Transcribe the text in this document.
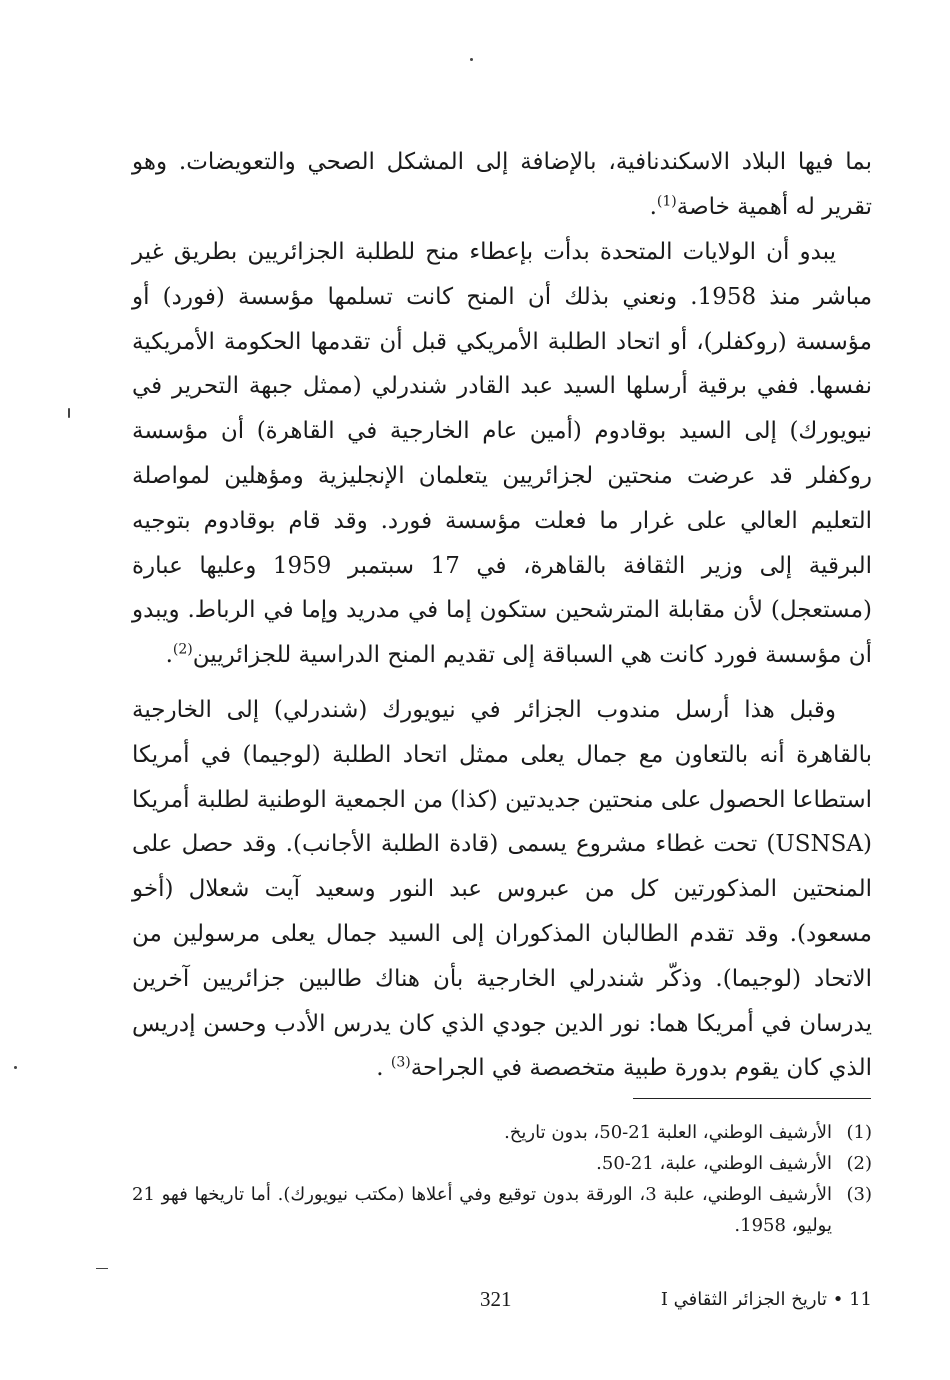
بما فيها البلاد الاسكندنافية، بالإضافة إلى المشكل الصحي والتعويضات. وهو تقرير له أهمية خاصة$^{(1)}$.

يبدو أن الولايات المتحدة بدأت بإعطاء منح للطلبة الجزائريين بطريق غير مباشر منذ 1958. ونعني بذلك أن المنح كانت تسلمها مؤسسة (فورد) أو مؤسسة (روكفلر)، أو اتحاد الطلبة الأمريكي قبل أن تقدمها الحكومة الأمريكية نفسها. ففي برقية أرسلها السيد عبد القادر شندرلي (ممثل جبهة التحرير في نيويورك) إلى السيد بوقادوم (أمين عام الخارجية في القاهرة) أن مؤسسة روكفلر قد عرضت منحتين لجزائريين يتعلمان الإنجليزية ومؤهلين لمواصلة التعليم العالي على غرار ما فعلت مؤسسة فورد. وقد قام بوقادوم بتوجيه البرقية إلى وزير الثقافة بالقاهرة، في 17 سبتمبر 1959 وعليها عبارة (مستعجل) لأن مقابلة المترشحين ستكون إما في مدريد وإما في الرباط. ويبدو أن مؤسسة فورد كانت هي السباقة إلى تقديم المنح الدراسية للجزائريين$^{(2)}$.

وقبل هذا أرسل مندوب الجزائر في نيويورك (شندرلي) إلى الخارجية بالقاهرة أنه بالتعاون مع جمال يعلى ممثل اتحاد الطلبة (لوجيما) في أمريكا استطاعا الحصول على منحتين جديدتين (كذا) من الجمعية الوطنية لطلبة أمريكا (USNSA) تحت غطاء مشروع يسمى (قادة الطلبة الأجانب). وقد حصل على المنحتين المذكورتين كل من عبروس عبد النور وسعيد آيت شعلال (أخو مسعود). وقد تقدم الطالبان المذكوران إلى السيد جمال يعلى مرسولين من الاتحاد (لوجيما). وذكّر شندرلي الخارجية بأن هناك طالبين جزائريين آخرين يدرسان في أمريكا هما: نور الدين جودي الذي كان يدرس الأدب وحسن إدريس الذي كان يقوم بدورة طبية متخصصة في الجراحة$^{(3)}$ .

(1)
الأرشيف الوطني، العلبة 21-50، بدون تاريخ.
(2)
الأرشيف الوطني، علبة، 21-50.
(3)
الأرشيف الوطني، علبة 3، الورقة بدون توقيع وفي أعلاها (مكتب نيويورك). أما تاريخها فهو 21 يوليو، 1958.
321	11 • تاريخ الجزائر الثقافي I
